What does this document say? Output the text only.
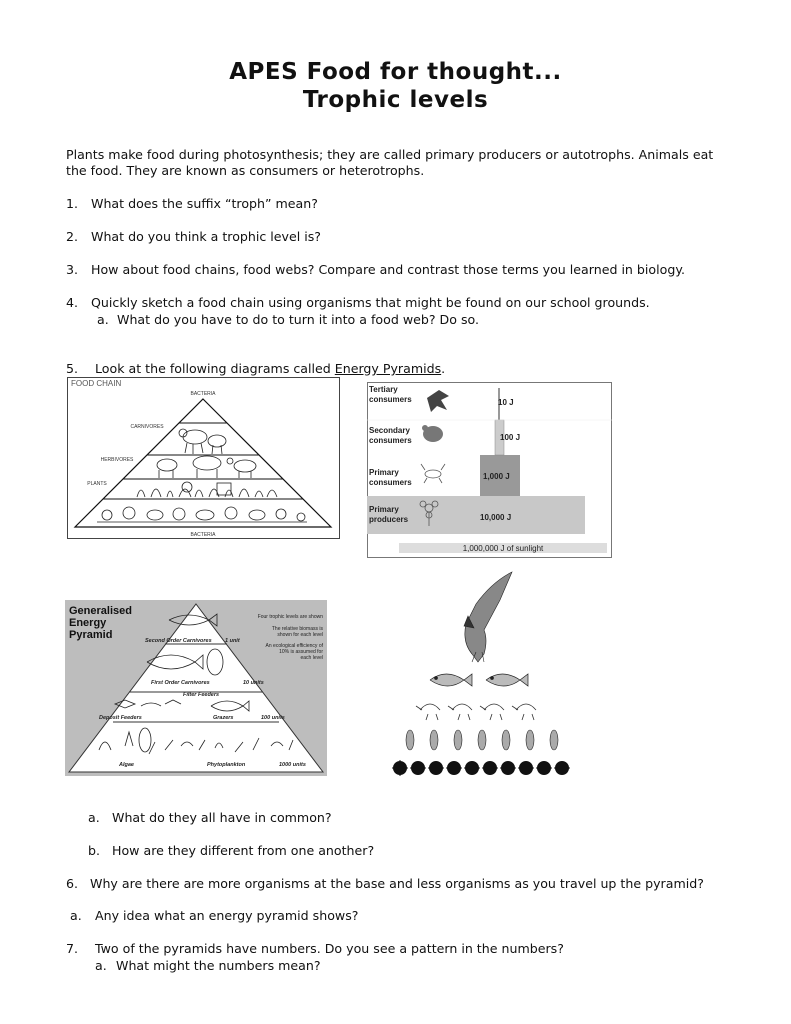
APES Food for thought...
Trophic levels
Plants make food during photosynthesis; they are called primary producers or autotrophs. Animals eat
the food. They are known as consumers or heterotrophs.
1. What does the suffix “troph” mean?
2. What do you think a trophic level is?
3. How about food chains, food webs? Compare and contrast those terms you learned in biology.
4. Quickly sketch a food chain using organisms that might be found on our school grounds.
a. What do you have to do to turn it into a food web? Do so.
5. Look at the following diagrams called Energy Pyramids.
FOOD CHAIN
BACTERIA
CARNIVORES
HERBIVORES
PLANTS
BACTERIA
1,000,000 J of sunlight
Tertiary
consumers	10 J
Secondary
consumers	100 J
Primary
consumers
1,000 J
Primary
producers	10,000 J
Generalised
Energy
Pyramid
Four trophic levels are shown
The relative biomass is
shown for each level
An ecological efficiency of
10% is assumed for
each level
Second Order Carnivores 1 unit
First Order Carnivores	10 units
Filter Feeders
Deposit Feeders	Grazers	100 units
Algae	Phytoplankton	1000 units
a. What do they all have in common?
b. How are they different from one another?
6. Why are there are more organisms at the base and less organisms as you travel up the pyramid?
a. Any idea what an energy pyramid shows?
7. Two of the pyramids have numbers. Do you see a pattern in the numbers?
a. What might the numbers mean?
